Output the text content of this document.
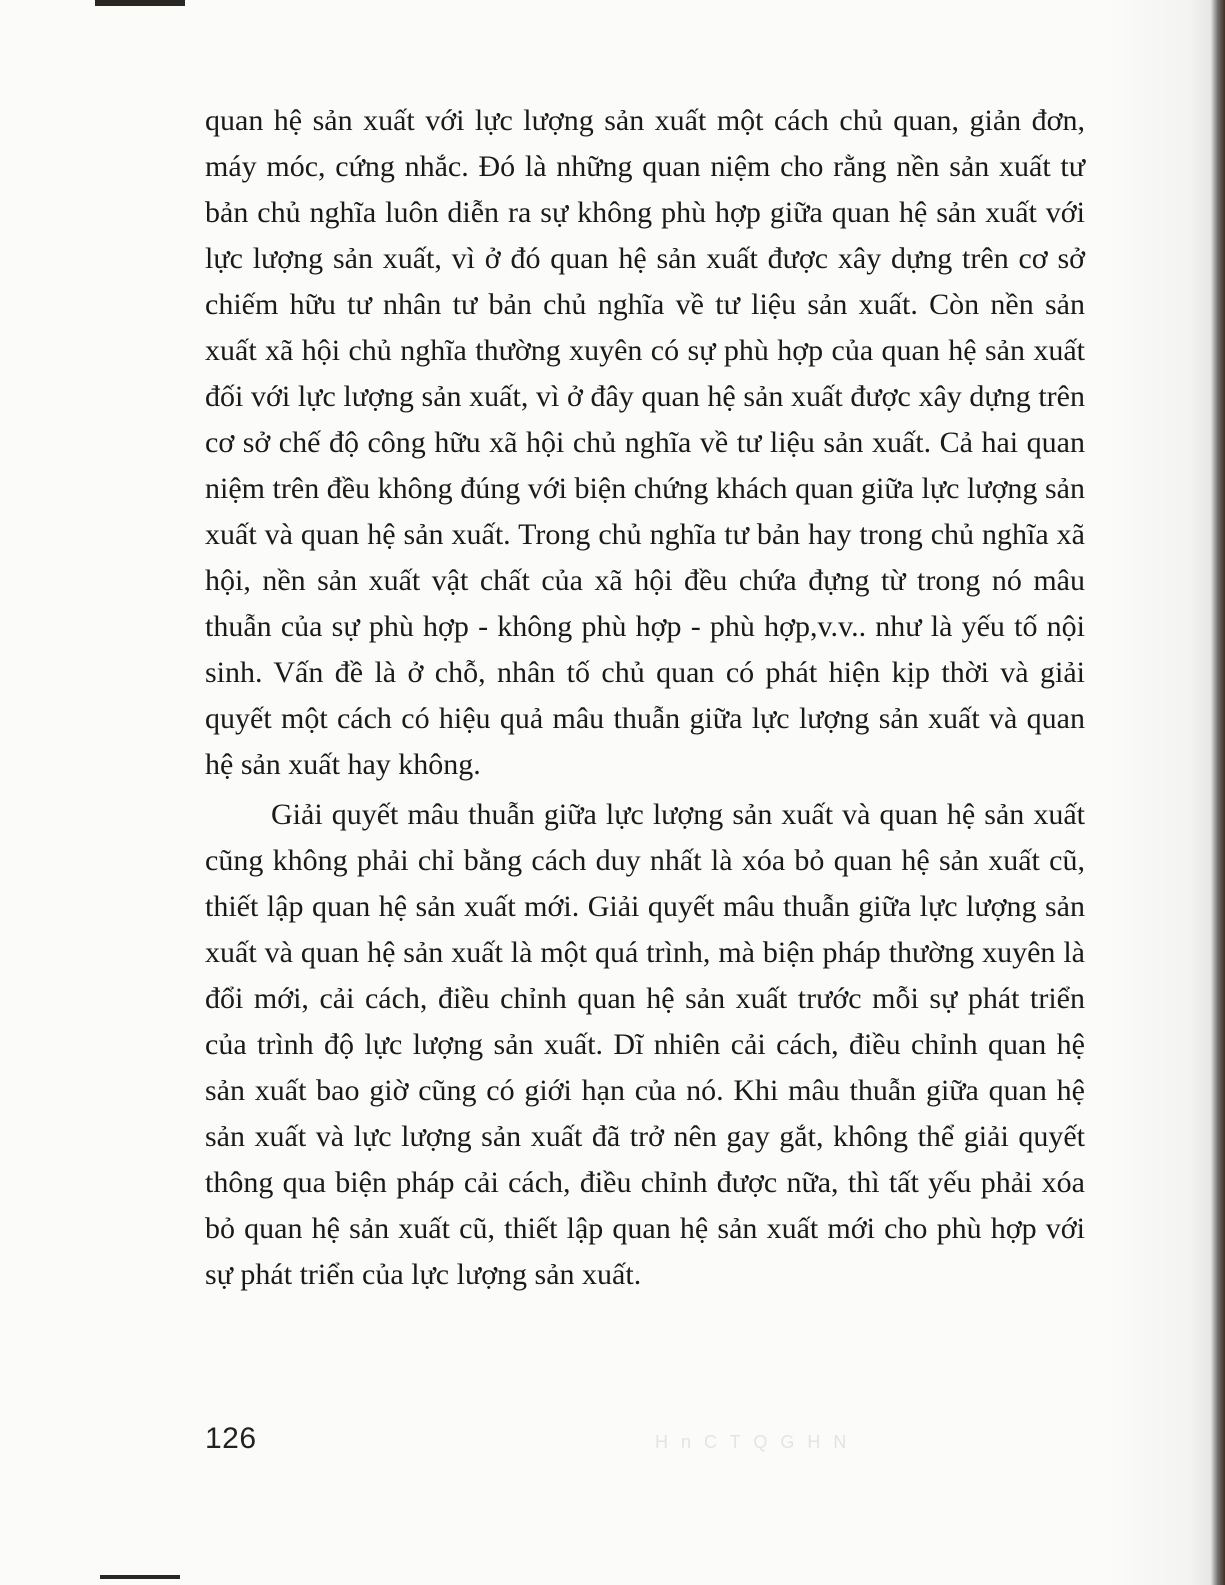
quan hệ sản xuất với lực lượng sản xuất một cách chủ quan, giản đơn, máy móc, cứng nhắc. Đó là những quan niệm cho rằng nền sản xuất tư bản chủ nghĩa luôn diễn ra sự không phù hợp giữa quan hệ sản xuất với lực lượng sản xuất, vì ở đó quan hệ sản xuất được xây dựng trên cơ sở chiếm hữu tư nhân tư bản chủ nghĩa về tư liệu sản xuất. Còn nền sản xuất xã hội chủ nghĩa thường xuyên có sự phù hợp của quan hệ sản xuất đối với lực lượng sản xuất, vì ở đây quan hệ sản xuất được xây dựng trên cơ sở chế độ công hữu xã hội chủ nghĩa về tư liệu sản xuất. Cả hai quan niệm trên đều không đúng với biện chứng khách quan giữa lực lượng sản xuất và quan hệ sản xuất. Trong chủ nghĩa tư bản hay trong chủ nghĩa xã hội, nền sản xuất vật chất của xã hội đều chứa đựng từ trong nó mâu thuẫn của sự phù hợp - không phù hợp - phù hợp,v.v.. như là yếu tố nội sinh. Vấn đề là ở chỗ, nhân tố chủ quan có phát hiện kịp thời và giải quyết một cách có hiệu quả mâu thuẫn giữa lực lượng sản xuất và quan hệ sản xuất hay không.

Giải quyết mâu thuẫn giữa lực lượng sản xuất và quan hệ sản xuất cũng không phải chỉ bằng cách duy nhất là xóa bỏ quan hệ sản xuất cũ, thiết lập quan hệ sản xuất mới. Giải quyết mâu thuẫn giữa lực lượng sản xuất và quan hệ sản xuất là một quá trình, mà biện pháp thường xuyên là đổi mới, cải cách, điều chỉnh quan hệ sản xuất trước mỗi sự phát triển của trình độ lực lượng sản xuất. Dĩ nhiên cải cách, điều chỉnh quan hệ sản xuất bao giờ cũng có giới hạn của nó. Khi mâu thuẫn giữa quan hệ sản xuất và lực lượng sản xuất đã trở nên gay gắt, không thể giải quyết thông qua biện pháp cải cách, điều chỉnh được nữa, thì tất yếu phải xóa bỏ quan hệ sản xuất cũ, thiết lập quan hệ sản xuất mới cho phù hợp với sự phát triển của lực lượng sản xuất.

126	H n C T Q G H N
